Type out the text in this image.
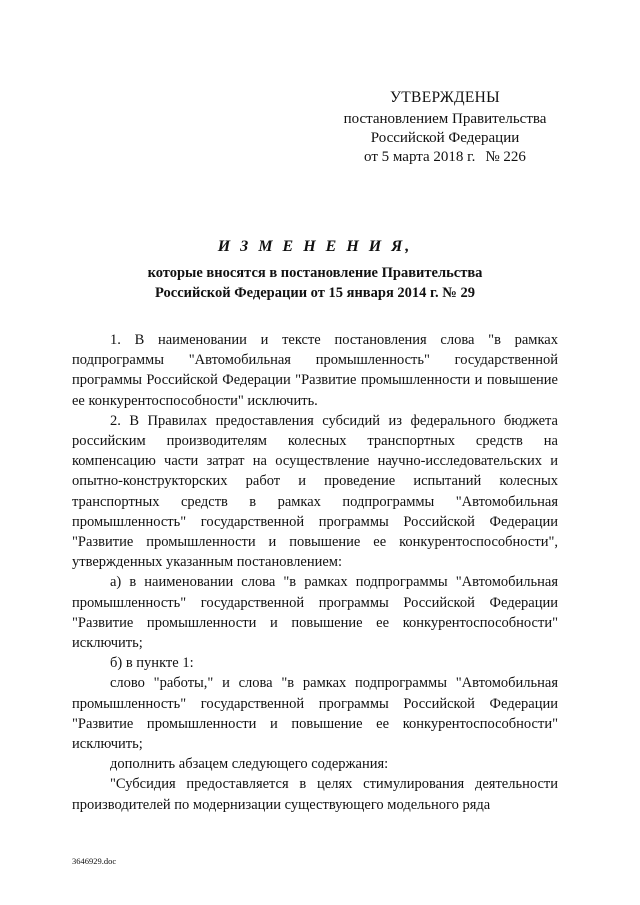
УТВЕРЖДЕНЫ
постановлением Правительства
Российской Федерации
от 5 марта 2018 г. № 226
И З М Е Н Е Н И Я,
которые вносятся в постановление Правительства
Российской Федерации от 15 января 2014 г. № 29

1. В наименовании и тексте постановления слова "в рамках подпрограммы "Автомобильная промышленность" государственной программы Российской Федерации "Развитие промышленности и повышение ее конкурентоспособности" исключить.

2. В Правилах предоставления субсидий из федерального бюджета российским производителям колесных транспортных средств на компенсацию части затрат на осуществление научно-исследовательских и опытно-конструкторских работ и проведение испытаний колесных транспортных средств в рамках подпрограммы "Автомобильная промышленность" государственной программы Российской Федерации "Развитие промышленности и повышение ее конкурентоспособности", утвержденных указанным постановлением:

а) в наименовании слова "в рамках подпрограммы "Автомобильная промышленность" государственной программы Российской Федерации "Развитие промышленности и повышение ее конкурентоспособности" исключить;

б) в пункте 1:

слово "работы," и слова "в рамках подпрограммы "Автомобильная промышленность" государственной программы Российской Федерации "Развитие промышленности и повышение ее конкурентоспособности" исключить;

дополнить абзацем следующего содержания:

"Субсидия предоставляется в целях стимулирования деятельности производителей по модернизации существующего модельного ряда

3646929.doc
